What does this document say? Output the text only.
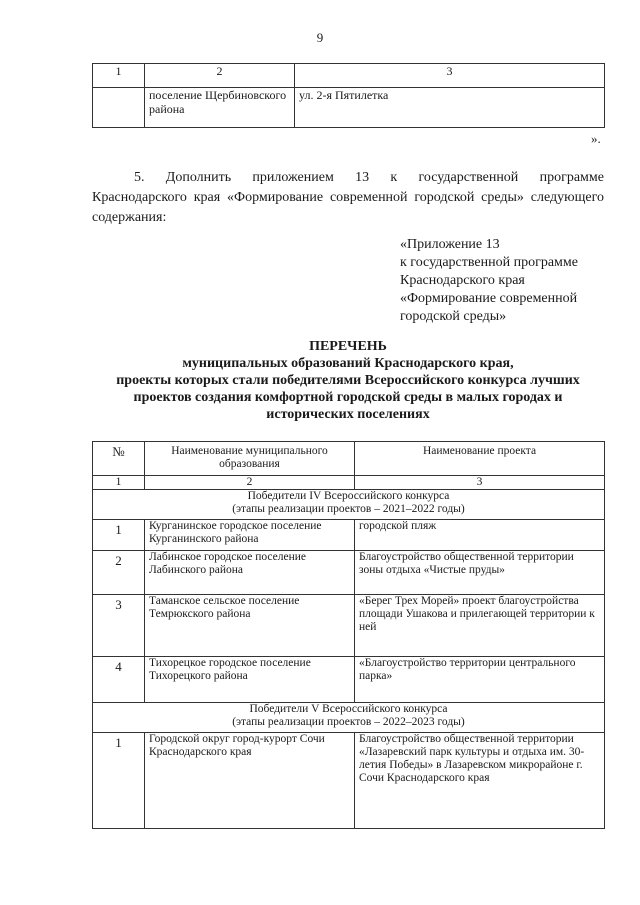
9
1	2	3
	поселение Щербиновского района	ул. 2-я Пятилетка
».
5. Дополнить приложением 13 к государственной программе
Краснодарского края «Формирование современной городской среды» следующего содержания:
«Приложение 13
к государственной программе
Краснодарского края
«Формирование современной
городской среды»
ПЕРЕЧЕНЬ
муниципальных образований Краснодарского края,
проекты которых стали победителями Всероссийского конкурса лучших
проектов создания комфортной городской среды в малых городах и
исторических поселениях
№	Наименование муниципального образования	Наименование проекта
1	2	3

Победители IV Всероссийского конкурса
(этапы реализации проектов – 2021–2022 годы)		

1	Курганинское городское поселение Курганинского района	городской пляж
2	Лабинское городское поселение Лабинского района	Благоустройство общественной территории зоны отдыха «Чистые пруды»
3	Таманское сельское поселение Темрюкского района	«Берег Трех Морей» проект благоустройства площади Ушакова и прилегающей территории к ней
4	Тихорецкое городское поселение Тихорецкого района	«Благоустройство территории центрального парка»

Победители V Всероссийского конкурса
(этапы реализации проектов – 2022–2023 годы)		

1	Городской округ город-курорт Сочи Краснодарского края	Благоустройство общественной территории «Лазаревский парк культуры и отдыха им. 30-летия Победы» в Лазаревском микрорайоне г. Сочи Краснодарского края
